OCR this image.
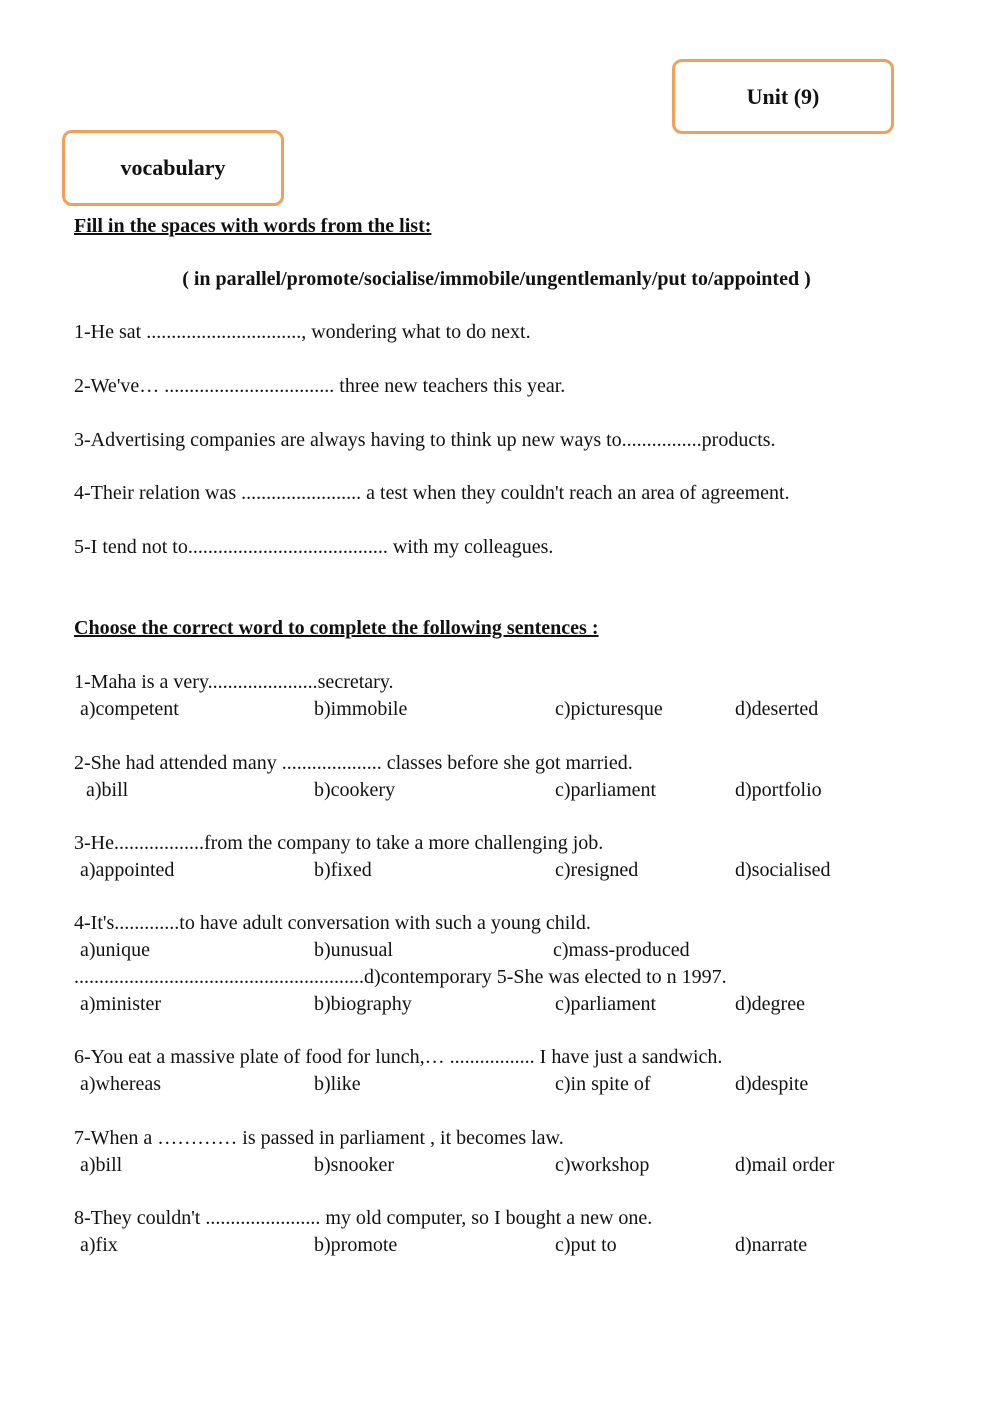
Unit (9)
vocabulary
Fill in the spaces with words from the list:
( in parallel/promote/socialise/immobile/ungentlemanly/put to/appointed )
1-He sat ..............................., wondering what to do next.
2-We've… .................................. three new teachers this year.
3-Advertising companies are always having to think up new ways to................products.
4-Their relation was ........................ a test when they couldn't reach an area of agreement.
5-I tend not to........................................ with my colleagues.
Choose the correct word to complete the following sentences :
1-Maha is a very......................secretary.
a)competent	b)immobile	c)picturesque	d)deserted
2-She had attended many .................... classes before she got married.
a)bill	b)cookery	c)parliament	d)portfolio
3-He..................from the company to take a more challenging job.
a)appointed	b)fixed	c)resigned	d)socialised
4-It's.............to have adult conversation with such a young child.
a)unique	b)unusual	c)mass-produced
..........................................................d)contemporary 5-She was elected to n 1997.
a)minister	b)biography	c)parliament	d)degree
6-You eat a massive plate of food for lunch,… ................. I have just a sandwich.
a)whereas	b)like	c)in spite of	d)despite
7-When a ………… is passed in parliament , it becomes law.
a)bill	b)snooker	c)workshop	d)mail order
8-They couldn't ....................... my old computer, so I bought a new one.
a)fix	b)promote	c)put to	d)narrate
